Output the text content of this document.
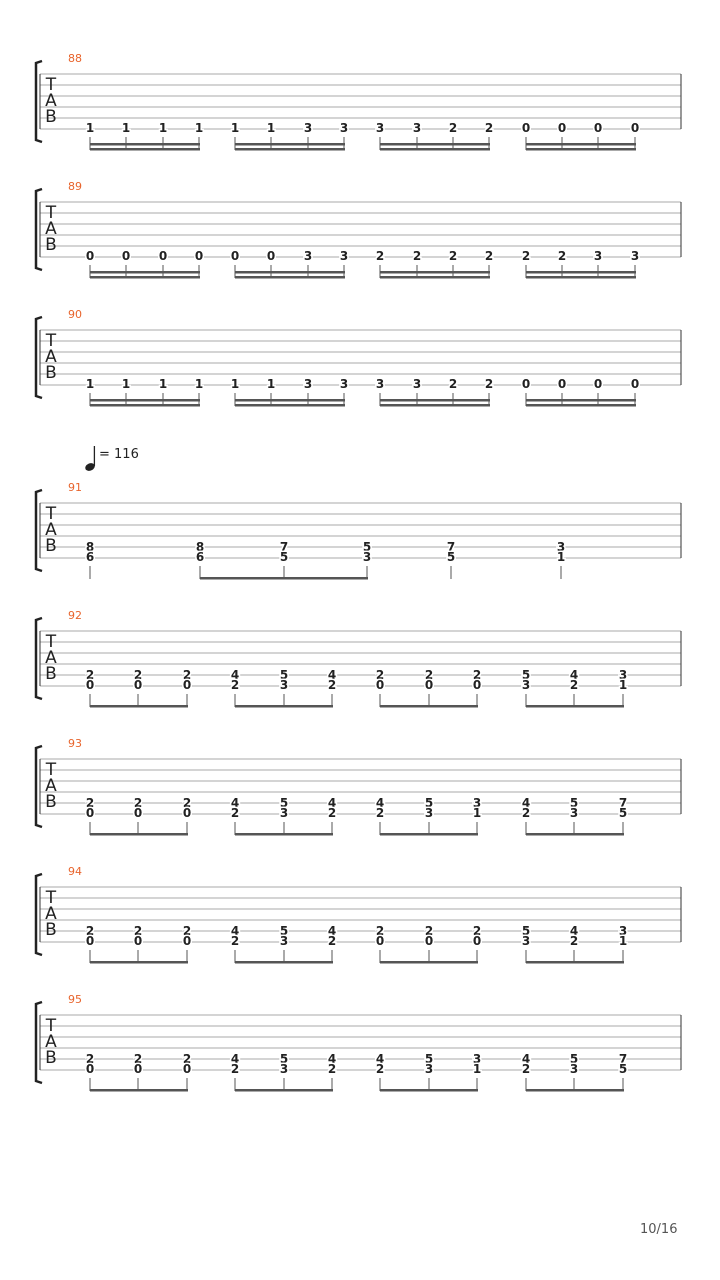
T
A
B
88
1 1 1 1 1 1 3 3 3 3 2 2 0 0 0 0
T
A
B
89
0 0 0 0 0 0 3 3 2 2 2 2 2 2 3 3
T
A
B
90
1 1 1 1 1 1 3 3 3 3 2 2 0 0 0 0
T
A
B
91
8
6
8
6
7
5
5
3
7
5
3
1
T
A
B
92
2
0
2
0
2
0
4
2
5
3
4
2
2
0
2
0
2
0
5
3
4
2
3
1
T
A
B
93
2
0
2
0
2
0
4
2
5
3
4
2
4
2
5
3
3
1
4
2
5
3
7
5
T
A
B
94
2
0
2
0
2
0
4
2
5
3
4
2
2
0
2
0
2
0
5
3
4
2
3
1
T
A
B
95
2
0
2
0
2
0
4
2
5
3
4
2
4
2
5
3
3
1
4
2
5
3
7
5
= 116
10/16
